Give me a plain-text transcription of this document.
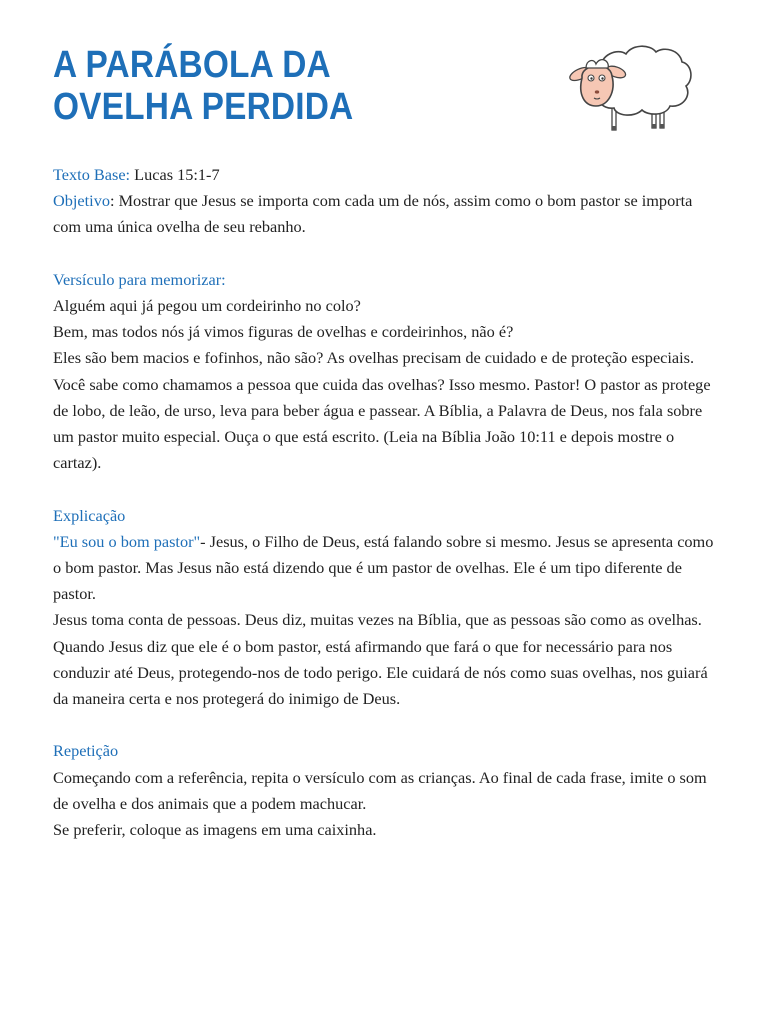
A PARÁBOLA DA
OVELHA PERDIDA

Texto Base: Lucas 15:1-7

Objetivo: Mostrar que Jesus se importa com cada um de nós, assim como o bom pastor se importa com uma única ovelha de seu rebanho.

Versículo para memorizar:

Alguém aqui já pegou um cordeirinho no colo?

Bem, mas todos nós já vimos figuras de ovelhas e cordeirinhos, não é?

Eles são bem macios e fofinhos, não são? As ovelhas precisam de cuidado e de proteção especiais. Você sabe como chamamos a pessoa que cuida das ovelhas? Isso mesmo. Pastor! O pastor as protege de lobo, de leão, de urso, leva para beber água e passear. A Bíblia, a Palavra de Deus, nos fala sobre um pastor muito especial. Ouça o que está escrito. (Leia na Bíblia João 10:11 e depois mostre o cartaz).

Explicação

"Eu sou o bom pastor"- Jesus, o Filho de Deus, está falando sobre si mesmo. Jesus se apresenta como o bom pastor. Mas Jesus não está dizendo que é um pastor de ovelhas. Ele é um tipo diferente de pastor.

Jesus toma conta de pessoas. Deus diz, muitas vezes na Bíblia, que as pessoas são como as ovelhas. Quando Jesus diz que ele é o bom pastor, está afirmando que fará o que for necessário para nos conduzir até Deus, protegendo-nos de todo perigo. Ele cuidará de nós como suas ovelhas, nos guiará da maneira certa e nos protegerá do inimigo de Deus.

Repetição

Começando com a referência, repita o versículo com as crianças. Ao final de cada frase, imite o som de ovelha e dos animais que a podem machucar.

Se preferir, coloque as imagens em uma caixinha.
